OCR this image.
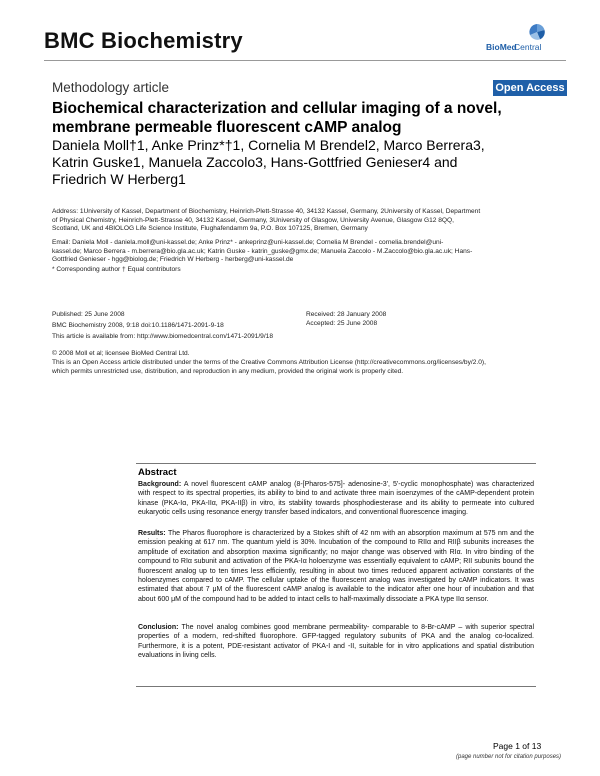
BMC Biochemistry	BioMed
Central
Methodology article	Open Access
Biochemical characterization and cellular imaging of a novel, membrane permeable fluorescent cAMP analog
Daniela Moll†1, Anke Prinz*†1, Cornelia M Brendel2, Marco Berrera3,
Katrin Guske1, Manuela Zaccolo3, Hans-Gottfried Genieser4 and
Friedrich W Herberg1
Address: 1University of Kassel, Department of Biochemistry, Heinrich-Plett-Strasse 40, 34132 Kassel, Germany, 2University of Kassel, Department
of Physical Chemistry, Heinrich-Plett-Strasse 40, 34132 Kassel, Germany, 3University of Glasgow, University Avenue, Glasgow G12 8QQ,
Scotland, UK and 4BIOLOG Life Science Institute, Flughafendamm 9a, P.O. Box 107125, Bremen, Germany
Email: Daniela Moll - daniela.moll@uni-kassel.de; Anke Prinz* - ankeprinz@uni-kassel.de; Cornelia M Brendel - cornelia.brendel@uni-
kassel.de; Marco Berrera - m.berrera@bio.gla.ac.uk; Katrin Guske - katrin_guske@gmx.de; Manuela Zaccolo - M.Zaccolo@bio.gla.ac.uk; Hans-
Gottfried Genieser - hgg@biolog.de; Friedrich W Herberg - herberg@uni-kassel.de
* Corresponding author † Equal contributors
Published: 25 June 2008	Received: 28 January 2008
Accepted: 25 June 2008
BMC Biochemistry 2008, 9:18 doi:10.1186/1471-2091-9-18
This article is available from: http://www.biomedcentral.com/1471-2091/9/18
© 2008 Moll et al; licensee BioMed Central Ltd.
This is an Open Access article distributed under the terms of the Creative Commons Attribution License (http://creativecommons.org/licenses/by/2.0),
which permits unrestricted use, distribution, and reproduction in any medium, provided the original work is properly cited.
Abstract
Background: A novel fluorescent cAMP analog (8-[Pharos-575]- adenosine-3', 5'-cyclic monophosphate) was characterized with respect to its spectral properties, its ability to bind to and activate three main isoenzymes of the cAMP-dependent protein kinase (PKA-Iα, PKA-IIα, PKA-IIβ) in vitro, its stability towards phosphodiesterase and its ability to permeate into cultured eukaryotic cells using resonance energy transfer based indicators, and conventional fluorescence imaging.
Results: The Pharos fluorophore is characterized by a Stokes shift of 42 nm with an absorption maximum at 575 nm and the emission peaking at 617 nm. The quantum yield is 30%. Incubation of the compound to RIIα and RIIβ subunits increases the amplitude of excitation and absorption maxima significantly; no major change was observed with RIα. In vitro binding of the compound to RIα subunit and activation of the PKA-Iα holoenzyme was essentially equivalent to cAMP; RII subunits bound the fluorescent analog up to ten times less efficiently, resulting in about two times reduced apparent activation constants of the holoenzymes compared to cAMP. The cellular uptake of the fluorescent analog was investigated by cAMP indicators. It was estimated that about 7 μM of the fluorescent cAMP analog is available to the indicator after one hour of incubation and that about 600 μM of the compound had to be added to intact cells to half-maximally dissociate a PKA type IIα sensor.
Conclusion: The novel analog combines good membrane permeability- comparable to 8-Br-cAMP – with superior spectral properties of a modern, red-shifted fluorophore. GFP-tagged regulatory subunits of PKA and the analog co-localized. Furthermore, it is a potent, PDE-resistant activator of PKA-I and -II, suitable for in vitro applications and spatial distribution evaluations in living cells.
Page 1 of 13
(page number not for citation purposes)
